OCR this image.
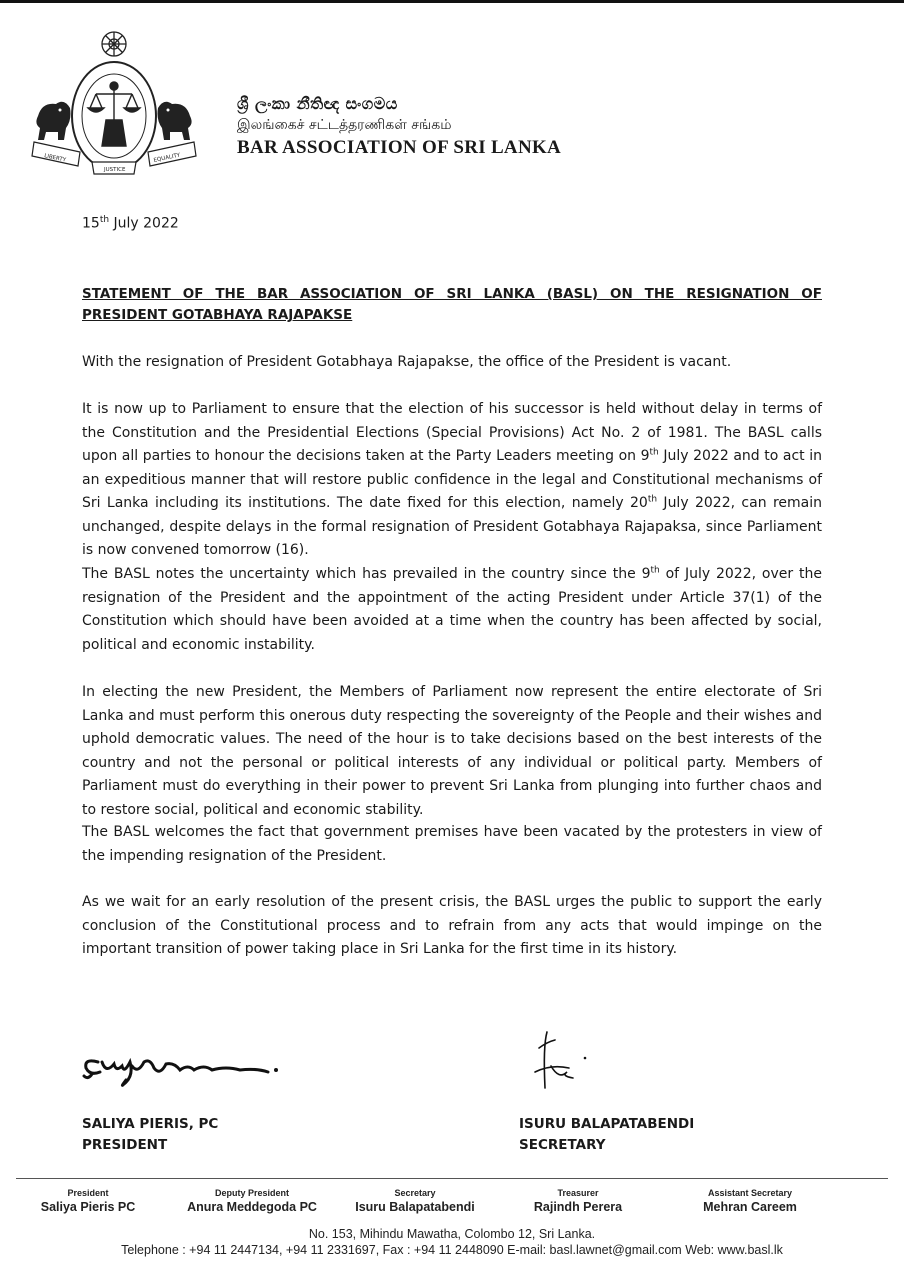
LIBERTY	EQUALITY
JUSTICE
ශ්‍රී ලංකා නීතිඥ සංගමය
இலங்கைச் சட்டத்தரணிகள் சங்கம்
BAR ASSOCIATION OF SRI LANKA
15th July 2022
STATEMENT OF THE BAR ASSOCIATION OF SRI LANKA (BASL) ON THE RESIGNATION OF PRESIDENT GOTABHAYA RAJAPAKSE
With the resignation of President Gotabhaya Rajapakse, the office of the President is vacant.
It is now up to Parliament to ensure that the election of his successor is held without delay in terms of the Constitution and the Presidential Elections (Special Provisions) Act No. 2 of 1981. The BASL calls upon all parties to honour the decisions taken at the Party Leaders meeting on 9th July 2022 and to act in an expeditious manner that will restore public confidence in the legal and Constitutional mechanisms of Sri Lanka including its institutions. The date fixed for this election, namely 20th July 2022, can remain unchanged, despite delays in the formal resignation of President Gotabhaya Rajapaksa, since Parliament is now convened tomorrow (16).
The BASL notes the uncertainty which has prevailed in the country since the 9th of July 2022, over the resignation of the President and the appointment of the acting President under Article 37(1) of the Constitution which should have been avoided at a time when the country has been affected by social, political and economic instability.
In electing the new President, the Members of Parliament now represent the entire electorate of Sri Lanka and must perform this onerous duty respecting the sovereignty of the People and their wishes and uphold democratic values. The need of the hour is to take decisions based on the best interests of the country and not the personal or political interests of any individual or political party. Members of Parliament must do everything in their power to prevent Sri Lanka from plunging into further chaos and to restore social, political and economic stability.
The BASL welcomes the fact that government premises have been vacated by the protesters in view of the impending resignation of the President.
As we wait for an early resolution of the present crisis, the BASL urges the public to support the early conclusion of the Constitutional process and to refrain from any acts that would impinge on the important transition of power taking place in Sri Lanka for the first time in its history.
SALIYA PIERIS, PC
PRESIDENT
ISURU BALAPATABENDI
SECRETARY
President
Saliya Pieris PC
Deputy President
Anura Meddegoda PC
Secretary
Isuru Balapatabendi
Treasurer
Rajindh Perera
Assistant Secretary
Mehran Careem
No. 153, Mihindu Mawatha, Colombo 12, Sri Lanka.
Telephone : +94 11 2447134, +94 11 2331697, Fax : +94 11 2448090 E-mail: basl.lawnet@gmail.com Web: www.basl.lk
